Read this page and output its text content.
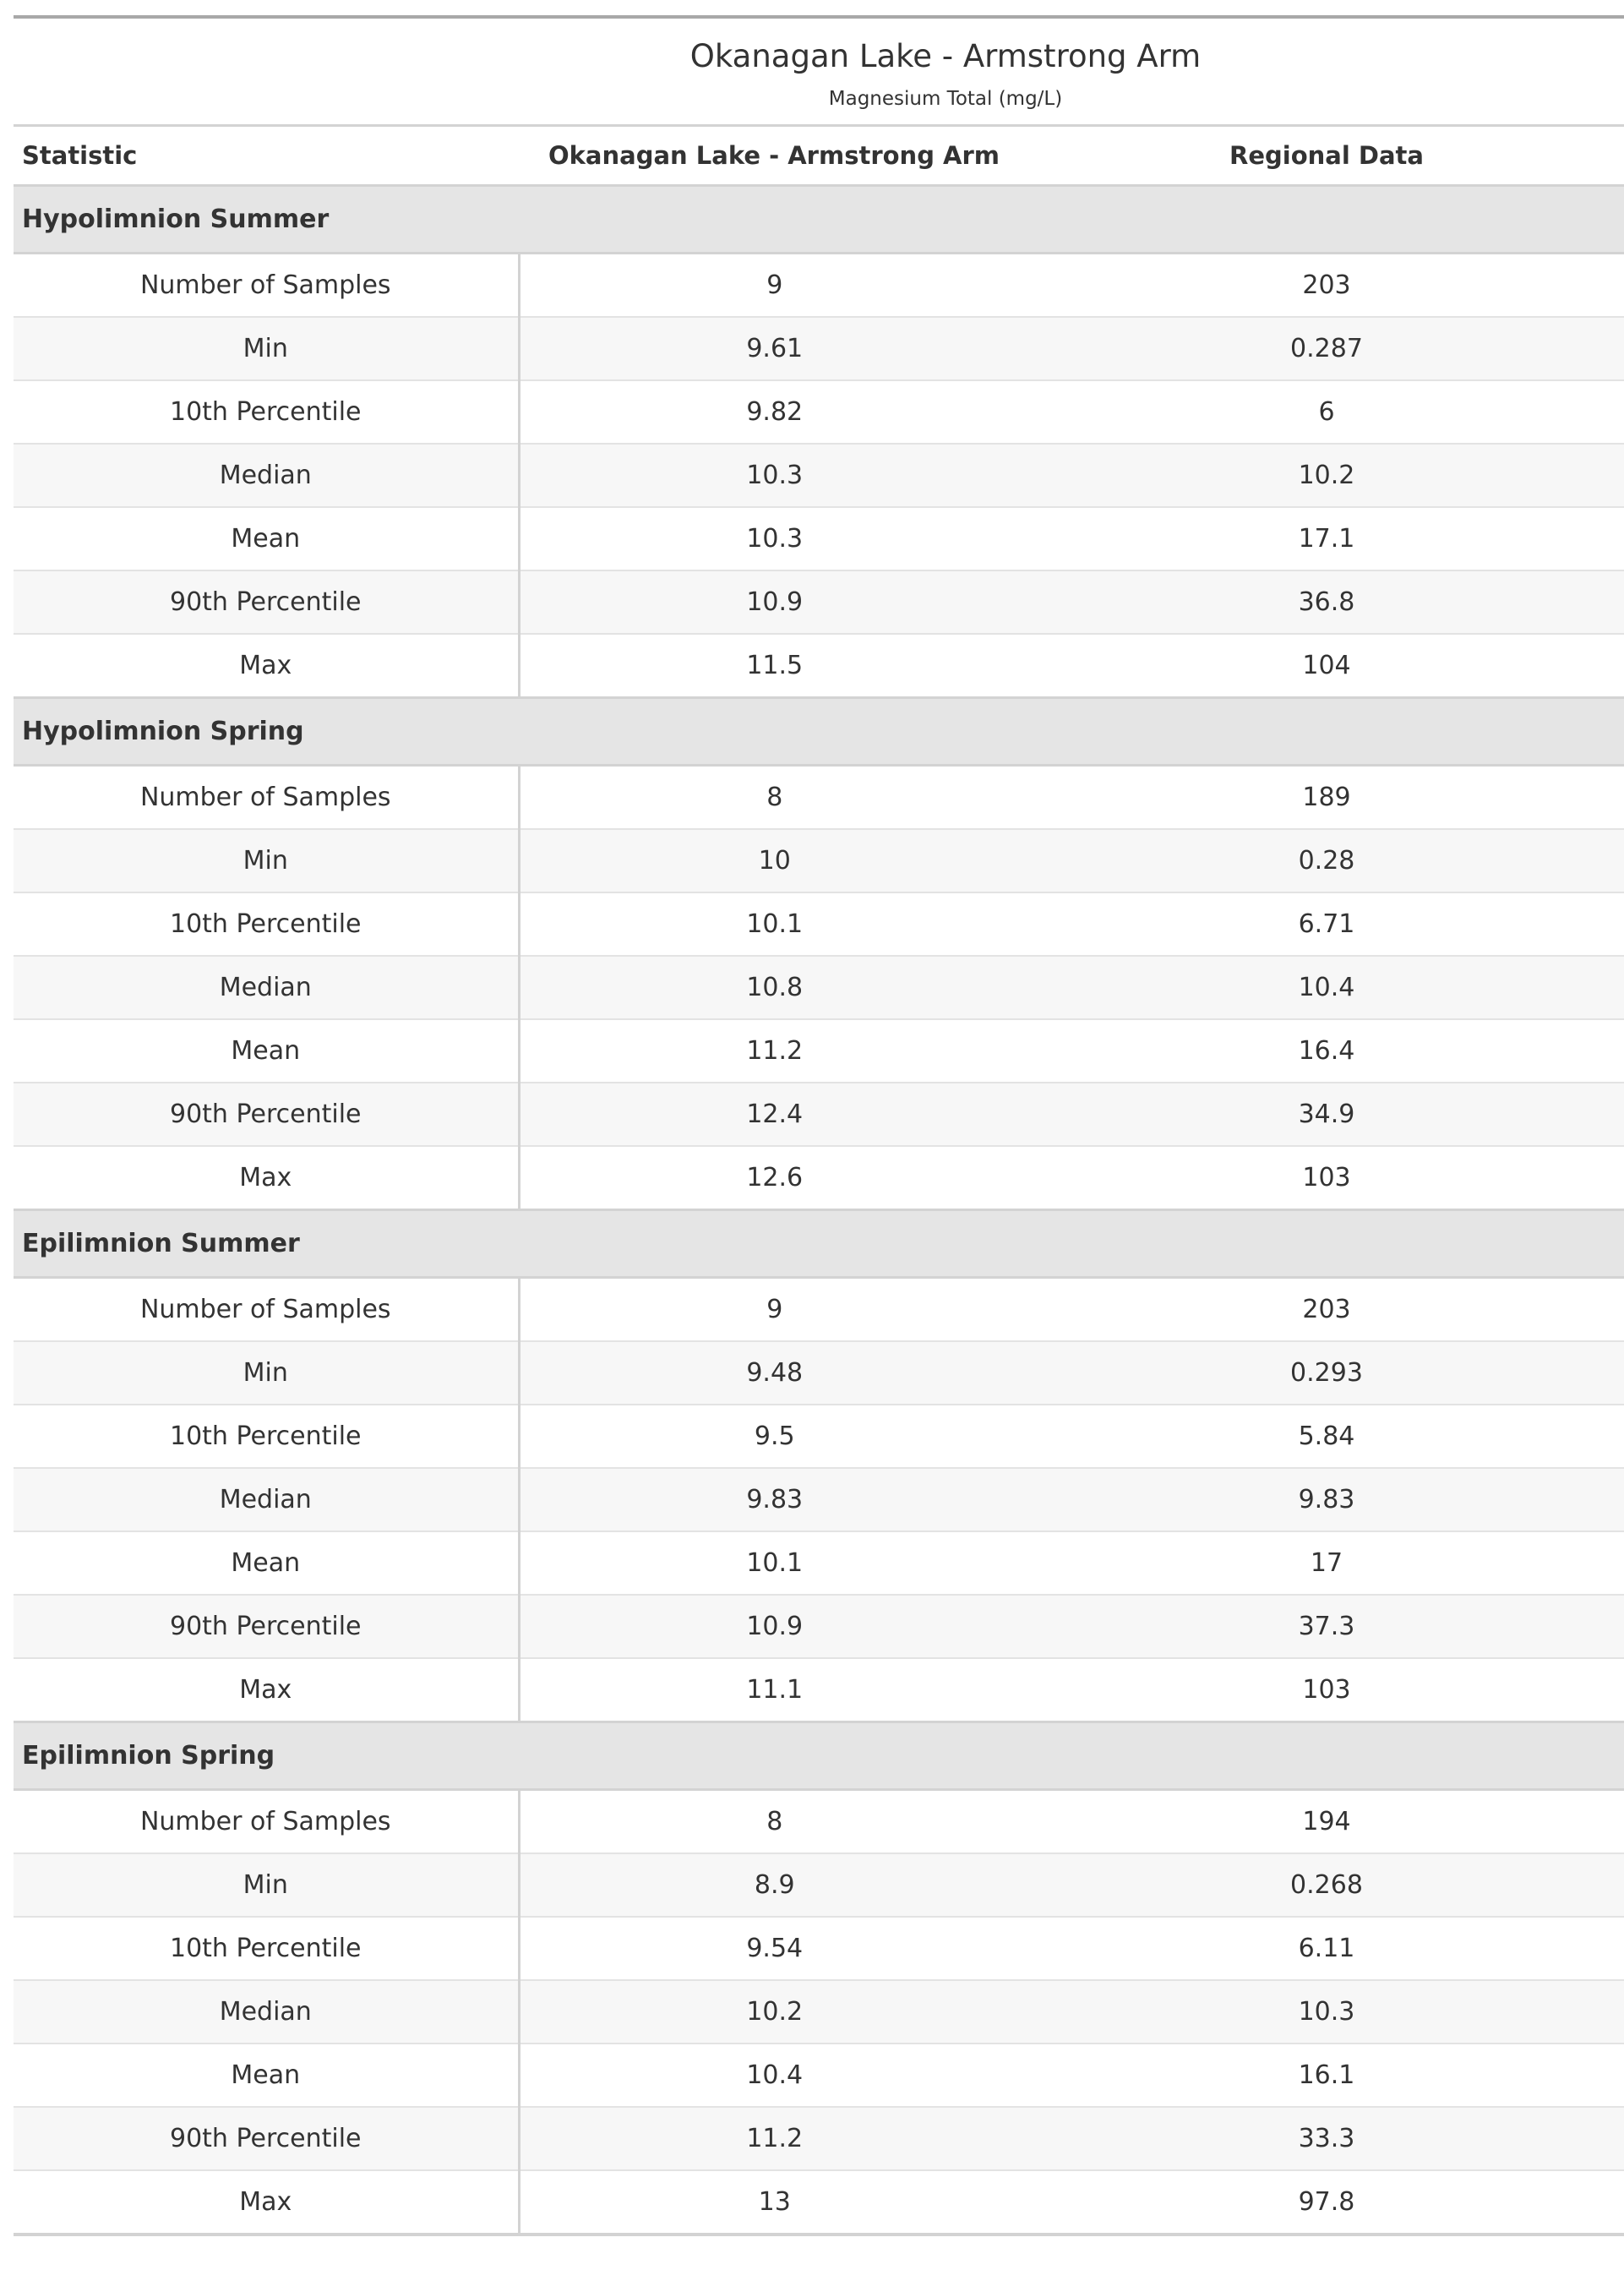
Okanagan Lake - Armstrong Arm		
Magnesium Total (mg/L)		
Statistic	Okanagan Lake - Armstrong Arm	Regional Data
Hypolimnion Summer		
Number of Samples	9	203
Min	9.61	0.287
10th Percentile	9.82	6
Median	10.3	10.2
Mean	10.3	17.1
90th Percentile	10.9	36.8
Max	11.5	104
Hypolimnion Spring		
Number of Samples	8	189
Min	10	0.28
10th Percentile	10.1	6.71
Median	10.8	10.4
Mean	11.2	16.4
90th Percentile	12.4	34.9
Max	12.6	103
Epilimnion Summer		
Number of Samples	9	203
Min	9.48	0.293
10th Percentile	9.5	5.84
Median	9.83	9.83
Mean	10.1	17
90th Percentile	10.9	37.3
Max	11.1	103
Epilimnion Spring		
Number of Samples	8	194
Min	8.9	0.268
10th Percentile	9.54	6.11
Median	10.2	10.3
Mean	10.4	16.1
90th Percentile	11.2	33.3
Max	13	97.8
